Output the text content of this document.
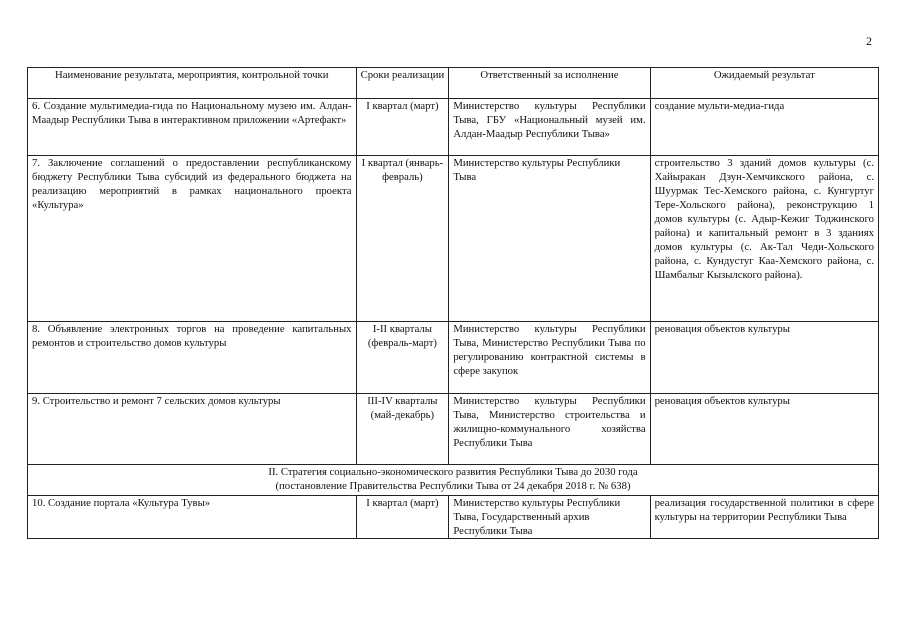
2
Наименование результата, мероприятия, контрольной точки	Сроки реализации	Ответственный за исполнение	Ожидаемый результат
6. Создание мультимедиа-гида по Национальному музею им. Алдан-Маадыр Республики Тыва в интерактивном приложении «Артефакт»	I квартал (март)	Министерство культуры Республики Тыва, ГБУ «Национальный музей им. Алдан-Маадыр Республики Тыва»	создание мульти-медиа-гида
7. Заключение соглашений о предоставлении республиканскому бюджету Республики Тыва субсидий из федерального бюджета на реализацию мероприятий в рамках национального проекта «Культура»	I квартал (январь-февраль)	Министерство культуры Республики Тыва	строительство 3 зданий домов культуры (с. Хайыракан Дзун-Хемчикского района, с. Шуурмак Тес-Хемского района, с. Кунгуртуг Тере-Хольского района), реконструкцию 1 домов культуры (с. Адыр-Кежиг Тоджинского района) и капитальный ремонт в 3 зданиях домов культуры (с. Ак-Тал Чеди-Хольского района, с. Кундустуг Каа-Хемского района, с. Шамбалыг Кызылского района).
8. Объявление электронных торгов на проведение капитальных ремонтов и строительство домов культуры	I-II кварталы (февраль-март)	Министерство культуры Республики Тыва, Министерство Республики Тыва по регулированию контрактной системы в сфере закупок	реновация объектов культуры
9. Строительство и ремонт 7 сельских домов культуры	III-IV кварталы (май-декабрь)	Министерство культуры Республики Тыва, Министерство строительства и жилищно-коммунального хозяйства Республики Тыва	реновация объектов культуры

II. Стратегия социально-экономического развития Республики Тыва до 2030 года
(постановление Правительства Республики Тыва от 24 декабря 2018 г. № 638)			

10. Создание портала «Культура Тувы»	I квартал (март)	Министерство культуры Республики Тыва, Государственный архив Республики Тыва	реализация государственной политики в сфере культуры на территории Республики Тыва
